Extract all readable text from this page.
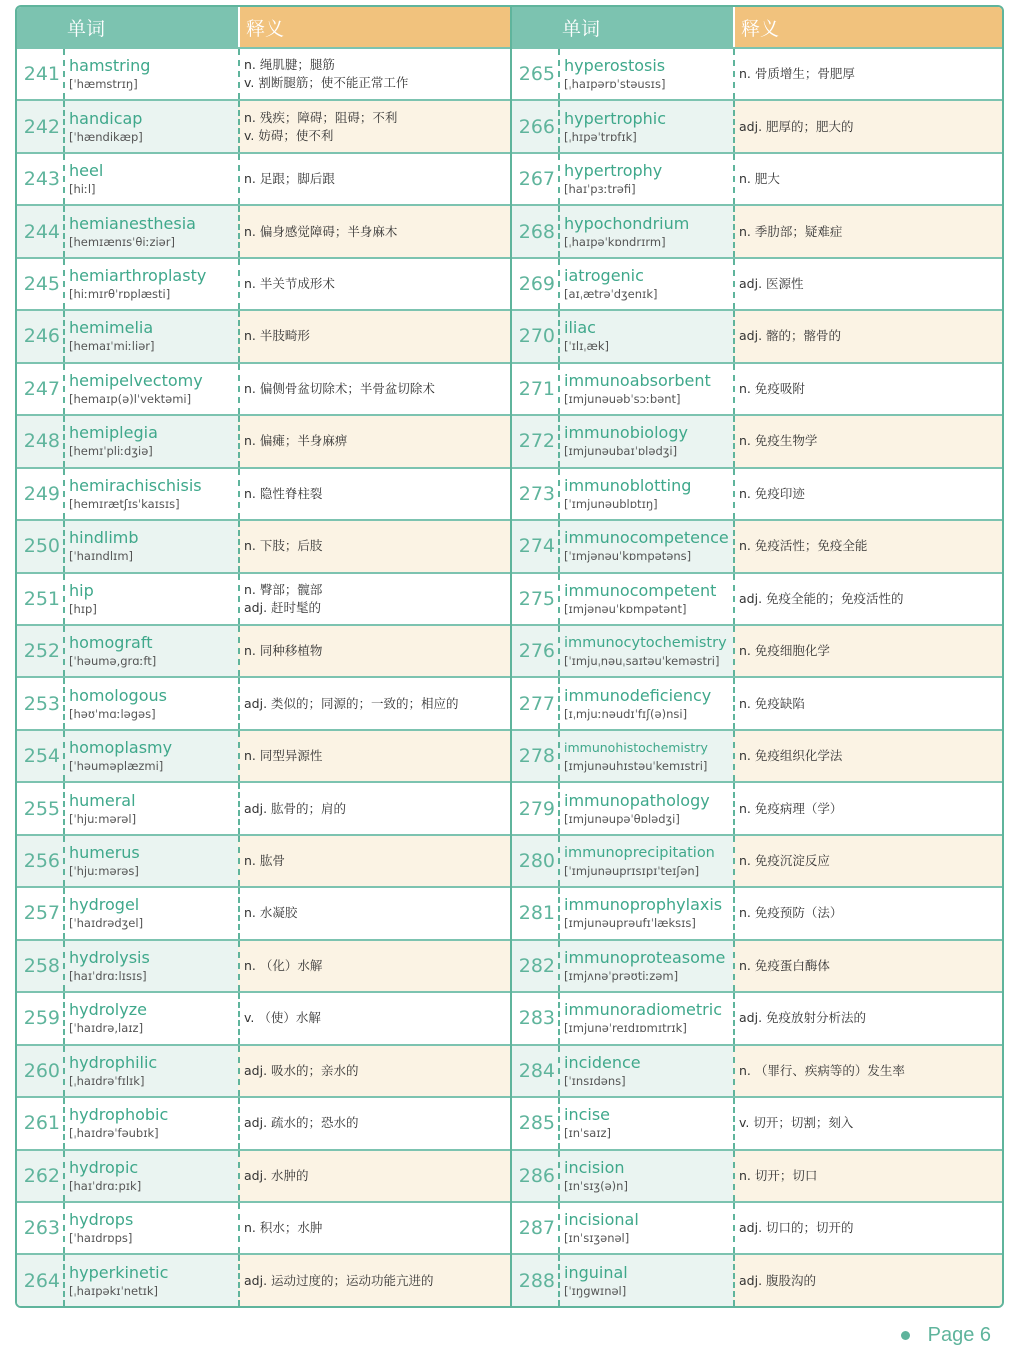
单词	释义
241 hamstring
[ˈhæmstrɪŋ]
n. 绳肌腱；腿筋
v. 割断腿筋；使不能正常工作
242 handicap
[ˈhændikæp]
n. 残疾；障碍；阻碍；不利
v. 妨碍；使不利
243 heel
[hiːl]
n. 足跟；脚后跟
244 hemianesthesia
[hemɪænɪsˈθiːziər]
n. 偏身感觉障碍；半身麻木
245 hemiarthroplasty
[hiːmɪrθˈrɒplæsti]
n. 半关节成形术
246 hemimelia
[hemaɪˈmiːliər]
n. 半肢畸形
247 hemipelvectomy
[hemaɪp(ə)lˈvektəmi]
n. 偏侧骨盆切除术；半骨盆切除术
248 hemiplegia
[hemɪˈpliːdʒiə]
n. 偏瘫；半身麻痹
249 hemirachischisis
[hemɪrætʃɪsˈkaɪsɪs]
n. 隐性脊柱裂
250 hindlimb
[ˈhaɪndlɪm]
n. 下肢；后肢
251 hip
[hɪp]
n. 臀部；髋部
adj. 赶时髦的
252 homograft
[ˈhəumə,grɑːft]
n. 同种移植物
253 homologous
[həʊˈmɑːləgəs]
adj. 类似的；同源的；一致的；相应的
254 homoplasmy
[ˈhəuməplæzmi]
n. 同型异源性
255 humeral
[ˈhjuːmərəl]
adj. 肱骨的；肩的
256 humerus
[ˈhjuːmərəs]
n. 肱骨
257 hydrogel
[ˈhaɪdrədʒel]
n. 水凝胶
258 hydrolysis
[haɪˈdrɑːlɪsɪs]
n. （化）水解
259 hydrolyze
[ˈhaɪdrə,laɪz]
v. （使）水解
260 hydrophilic
[ˌhaɪdrəˈfɪlɪk]
adj. 吸水的；亲水的
261 hydrophobic
[ˌhaɪdrəˈfəubɪk]
adj. 疏水的；恐水的
262 hydropic
[haɪˈdrɑːpɪk]
adj. 水肿的
263 hydrops
[ˈhaɪdrɒps]
n. 积水；水肿
264 hyperkinetic
[ˌhaɪpəkɪˈnetɪk]
adj. 运动过度的；运动功能亢进的
单词	释义
265 hyperostosis
[ˌhaɪpərɒˈstəusɪs]
n. 骨质增生；骨肥厚
266 hypertrophic
[ˌhɪpəˈtrɒfɪk]
adj. 肥厚的；肥大的
267 hypertrophy
[haɪˈpɜːtrəfi]
n. 肥大
268 hypochondrium
[ˌhaɪpəˈkɒndrɪrm]
n. 季肋部；疑难症
269 iatrogenic
[aɪˌætrəˈdʒenɪk]
adj. 医源性
270 iliac
[ˈɪlɪˌæk]
adj. 髂的；髂骨的
271 immunoabsorbent
[ɪmjunəuəbˈsɔːbənt]
n. 免疫吸附
272 immunobiology
[ɪmjunəubaɪˈɒlədʒi]
n. 免疫生物学
273 immunoblotting
[ˈɪmjunəublɒtɪŋ]
n. 免疫印迹
274 immunocompetence
[ˈɪmjənəuˈkɒmpətəns]
n. 免疫活性；免疫全能
275 immunocompetent
[ɪmjənəuˈkɒmpətənt]
adj. 免疫全能的；免疫活性的
276 immunocytochemistry
[ˈɪmjuˌnəuˌsaɪtəuˈkeməstri]
n. 免疫细胞化学
277 immunodeficiency
[ɪˌmjuːnəudɪˈfɪʃ(ə)nsi]
n. 免疫缺陷
278 immunohistochemistry
[ɪmjunəuhɪstəuˈkemɪstri]
n. 免疫组织化学法
279 immunopathology
[ɪmjunəupəˈθɒlədʒi]
n. 免疫病理（学）
280 immunoprecipitation
[ˈɪmjunəuprɪsɪpɪˈteɪʃən]
n. 免疫沉淀反应
281 immunoprophylaxis
[ɪmjunəuprəufɪˈlæksɪs]
n. 免疫预防（法）
282 immunoproteasome
[ɪmjʌnəˈprəʊtiːzəm]
n. 免疫蛋白酶体
283 immunoradiometric
[ɪmjunəˈreɪdɪɒmɪtrɪk]
adj. 免疫放射分析法的
284 incidence
[ˈɪnsɪdəns]
n. （罪行、疾病等的）发生率
285 incise
[ɪnˈsaɪz]
v. 切开；切割；刻入
286 incision
[ɪnˈsɪʒ(ə)n]
n. 切开；切口
287 incisional
[ɪnˈsɪʒənəl]
adj. 切口的；切开的
288 inguinal
[ˈɪŋgwɪnəl]
adj. 腹股沟的
Page 6
